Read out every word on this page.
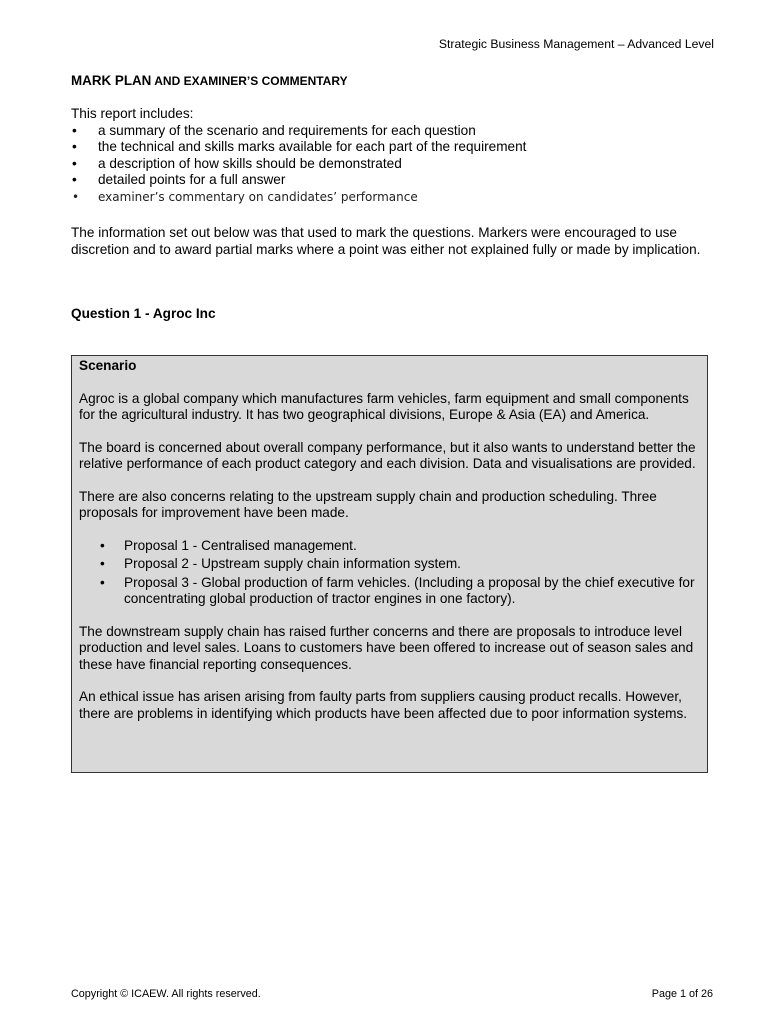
Strategic Business Management – Advanced Level
MARK PLAN AND EXAMINER’S COMMENTARY

This report includes:

• a summary of the scenario and requirements for each question
• the technical and skills marks available for each part of the requirement
• a description of how skills should be demonstrated
• detailed points for a full answer
• examiner’s commentary on candidates’ performance

The information set out below was that used to mark the questions. Markers were encouraged to use discretion and to award partial marks where a point was either not explained fully or made by implication.

Question 1 - Agroc Inc

Scenario

Agroc is a global company which manufactures farm vehicles, farm equipment and small components for the agricultural industry. It has two geographical divisions, Europe & Asia (EA) and America.

The board is concerned about overall company performance, but it also wants to understand better the relative performance of each product category and each division. Data and visualisations are provided.

There are also concerns relating to the upstream supply chain and production scheduling. Three proposals for improvement have been made.

• Proposal 1 - Centralised management.
• Proposal 2 - Upstream supply chain information system.
• Proposal 3 - Global production of farm vehicles. (Including a proposal by the chief executive for concentrating global production of tractor engines in one factory).

The downstream supply chain has raised further concerns and there are proposals to introduce level production and level sales. Loans to customers have been offered to increase out of season sales and these have financial reporting consequences.

An ethical issue has arisen arising from faulty parts from suppliers causing product recalls. However, there are problems in identifying which products have been affected due to poor information systems.

Copyright © ICAEW. All rights reserved.	Page 1 of 26
